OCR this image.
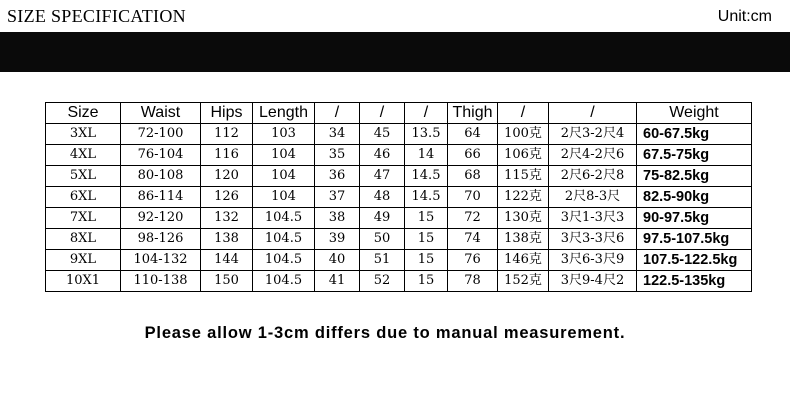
SIZE SPECIFICATION	Unit:cm
Size	Waist	Hips	Length	/	/	/	Thigh	/	/	Weight
3XL	72-100	112	103	34	45	13.5	64	100克	2尺3-2尺4	60-67.5kg
4XL	76-104	116	104	35	46	14	66	106克	2尺4-2尺6	67.5-75kg
5XL	80-108	120	104	36	47	14.5	68	115克	2尺6-2尺8	75-82.5kg
6XL	86-114	126	104	37	48	14.5	70	122克	2尺8-3尺	82.5-90kg
7XL	92-120	132	104.5	38	49	15	72	130克	3尺1-3尺3	90-97.5kg
8XL	98-126	138	104.5	39	50	15	74	138克	3尺3-3尺6	97.5-107.5kg
9XL	104-132	144	104.5	40	51	15	76	146克	3尺6-3尺9	107.5-122.5kg
10X1	110-138	150	104.5	41	52	15	78	152克	3尺9-4尺2	122.5-135kg
Please allow 1-3cm differs due to manual measurement.
